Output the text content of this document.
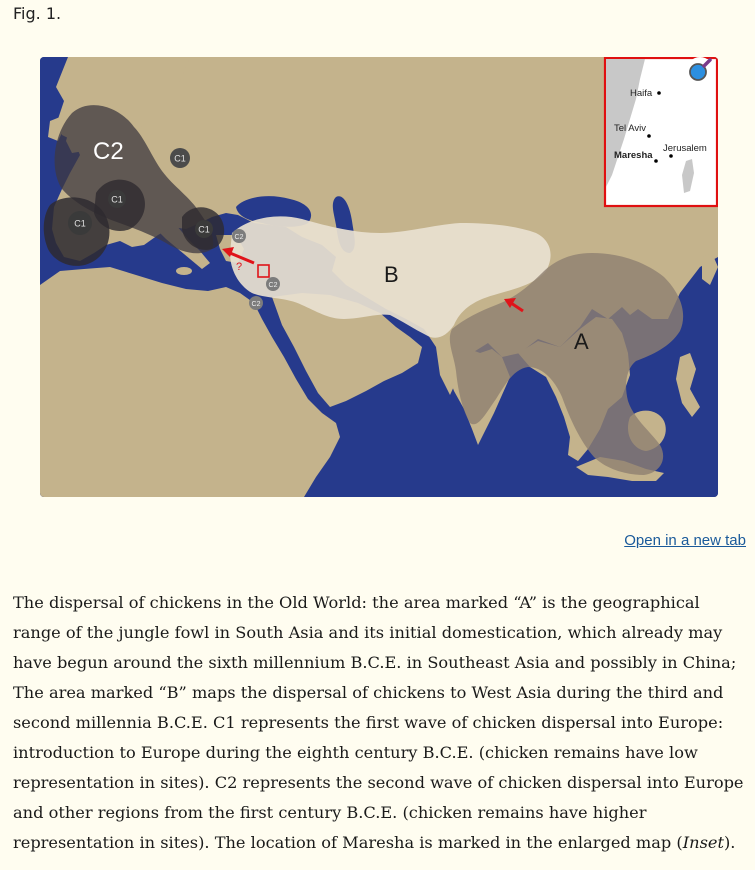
Fig. 1.
C1
C1
C1
C1
C2
C2
C2
C2
B
A
?
Haifa
Tel Aviv
Maresha
Jerusalem
Open in a new tab

The dispersal of chickens in the Old World: the area marked “A” is the geographical range of the jungle fowl in South Asia and its initial domestication, which already may have begun around the sixth millennium B.C.E. in Southeast Asia and possibly in China; The area marked “B” maps the dispersal of chickens to West Asia during the third and second millennia B.C.E. C1 represents the first wave of chicken dispersal into Europe: introduction to Europe during the eighth century B.C.E. (chicken remains have low representation in sites). C2 represents the second wave of chicken dispersal into Europe and other regions from the first century B.C.E. (chicken remains have higher representation in sites). The location of Maresha is marked in the enlarged map (Inset).
